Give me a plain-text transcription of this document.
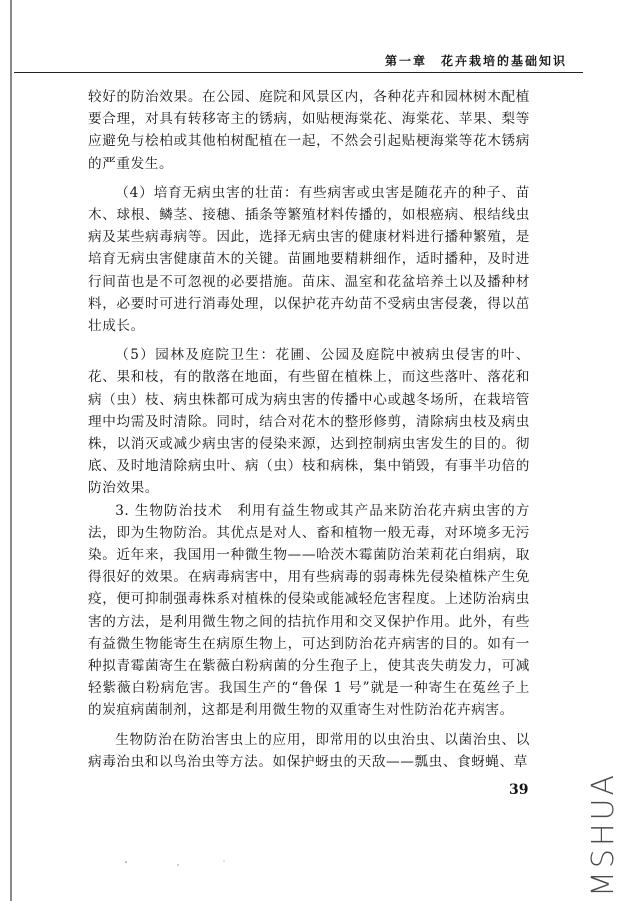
第一章　花卉栽培的基础知识

较好的防治效果。在公园、庭院和风景区内，各种花卉和园林树木配植要合理，对具有转移寄主的锈病，如贴梗海棠花、海棠花、苹果、梨等应避免与桧柏或其他柏树配植在一起，不然会引起贴梗海棠等花木锈病的严重发生。

（4）培育无病虫害的壮苗：有些病害或虫害是随花卉的种子、苗木、球根、鳞茎、接穗、插条等繁殖材料传播的，如根癌病、根结线虫病及某些病毒病等。因此，选择无病虫害的健康材料进行播种繁殖，是培育无病虫害健康苗木的关键。苗圃地要精耕细作，适时播种，及时进行间苗也是不可忽视的必要措施。苗床、温室和花盆培养土以及播种材料，必要时可进行消毒处理，以保护花卉幼苗不受病虫害侵袭，得以茁壮成长。

（5）园林及庭院卫生：花圃、公园及庭院中被病虫侵害的叶、花、果和枝，有的散落在地面，有些留在植株上，而这些落叶、落花和病（虫）枝、病虫株都可成为病虫害的传播中心或越冬场所，在栽培管理中均需及时清除。同时，结合对花木的整形修剪，清除病虫枝及病虫株，以消灭或减少病虫害的侵染来源，达到控制病虫害发生的目的。彻底、及时地清除病虫叶、病（虫）枝和病株，集中销毁，有事半功倍的防治效果。

3. 生物防治技术　利用有益生物或其产品来防治花卉病虫害的方法，即为生物防治。其优点是对人、畜和植物一般无毒，对环境多无污染。近年来，我国用一种微生物——哈茨木霉菌防治茉莉花白绢病，取得很好的效果。在病毒病害中，用有些病毒的弱毒株先侵染植株产生免疫，便可抑制强毒株系对植株的侵染或能减轻危害程度。上述防治病虫害的方法，是利用微生物之间的拮抗作用和交叉保护作用。此外，有些有益微生物能寄生在病原生物上，可达到防治花卉病害的目的。如有一种拟青霉菌寄生在紫薇白粉病菌的分生孢子上，使其丧失萌发力，可减轻紫薇白粉病危害。我国生产的“鲁保 1 号”就是一种寄生在菟丝子上的炭疽病菌制剂，这都是利用微生物的双重寄生对性防治花卉病害。

生物防治在防治害虫上的应用，即常用的以虫治虫、以菌治虫、以病毒治虫和以鸟治虫等方法。如保护蚜虫的天敌——瓢虫、食蚜蝇、草

39 MSHUA
